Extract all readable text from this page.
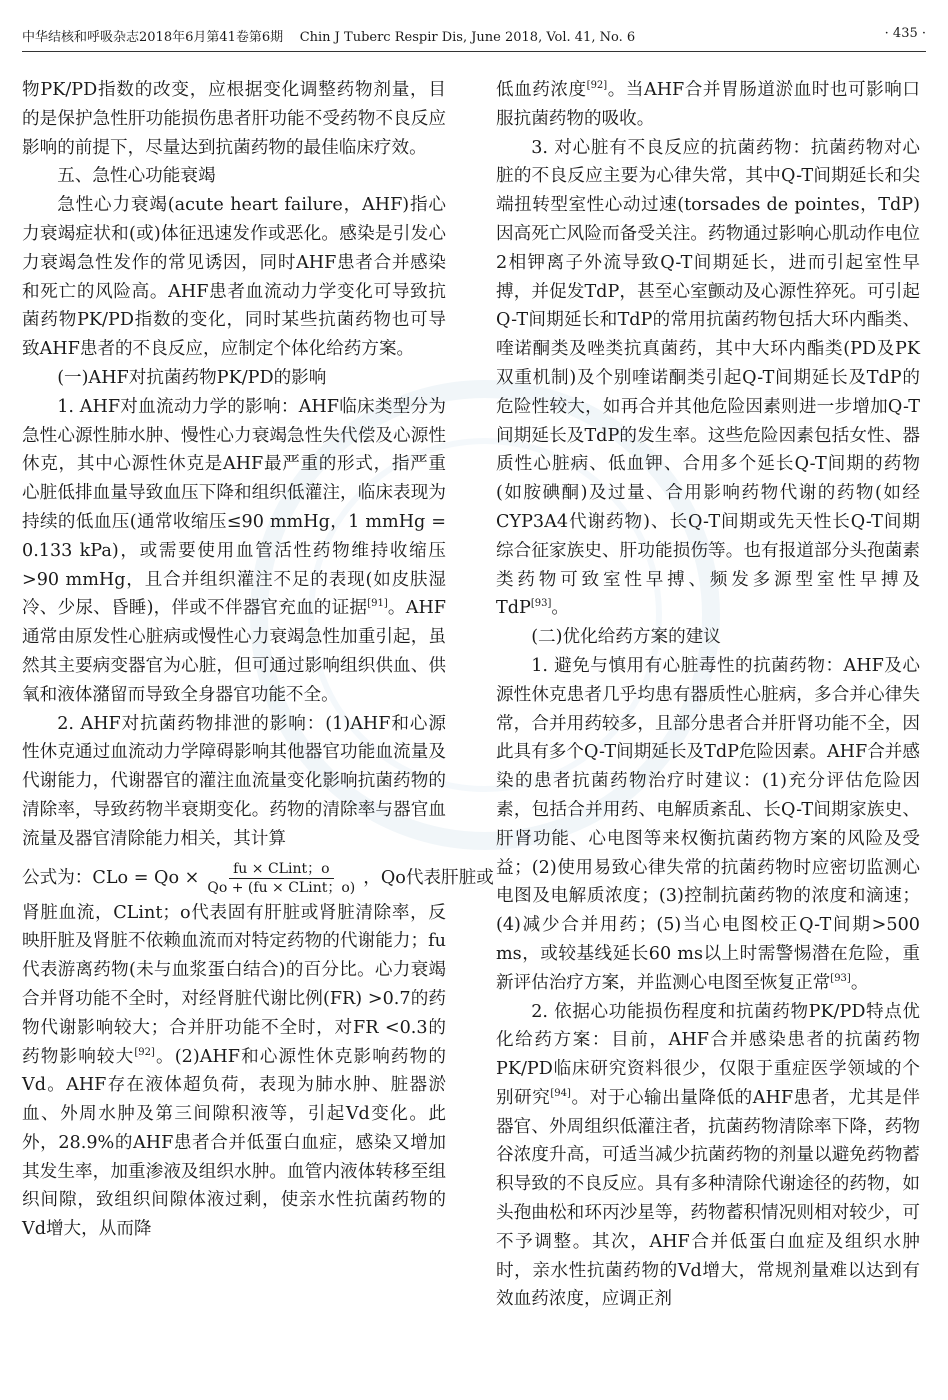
中华结核和呼吸杂志2018年6月第41卷第6期 Chin J Tuberc Respir Dis, June 2018, Vol. 41, No. 6	· 435 ·

物PK/PD指数的改变，应根据变化调整药物剂量，目的是保护急性肝功能损伤患者肝功能不受药物不良反应影响的前提下，尽量达到抗菌药物的最佳临床疗效。

五、急性心功能衰竭

急性心力衰竭(acute heart failure，AHF)指心力衰竭症状和(或)体征迅速发作或恶化。感染是引发心力衰竭急性发作的常见诱因，同时AHF患者合并感染和死亡的风险高。AHF患者血流动力学变化可导致抗菌药物PK/PD指数的变化，同时某些抗菌药物也可导致AHF患者的不良反应，应制定个体化给药方案。

(一)AHF对抗菌药物PK/PD的影响

1. AHF对血流动力学的影响：AHF临床类型分为急性心源性肺水肿、慢性心力衰竭急性失代偿及心源性休克，其中心源性休克是AHF最严重的形式，指严重心脏低排血量导致血压下降和组织低灌注，临床表现为持续的低血压(通常收缩压≤90 mmHg，1 mmHg = 0.133 kPa)，或需要使用血管活性药物维持收缩压>90 mmHg，且合并组织灌注不足的表现(如皮肤湿冷、少尿、昏睡)，伴或不伴器官充血的证据[91]。AHF通常由原发性心脏病或慢性心力衰竭急性加重引起，虽然其主要病变器官为心脏，但可通过影响组织供血、供氧和液体潴留而导致全身器官功能不全。

2. AHF对抗菌药物排泄的影响：(1)AHF和心源性休克通过血流动力学障碍影响其他器官功能血流量及代谢能力，代谢器官的灌注血流量变化影响抗菌药物的清除率，导致药物半衰期变化。药物的清除率与器官血流量及器官清除能力相关，其计算

公式为：CLo = $Qo \times \frac{\text{fu × CLint；o}}{\text{Qo + (fu × CLint；o)}}$ ，Qo代表肝脏或

肾脏血流，CLint；o代表固有肝脏或肾脏清除率，反映肝脏及肾脏不依赖血流而对特定药物的代谢能力；fu代表游离药物(未与血浆蛋白结合)的百分比。心力衰竭合并肾功能不全时，对经肾脏代谢比例(FR) >0.7的药物代谢影响较大；合并肝功能不全时，对FR <0.3的药物影响较大[92]。(2)AHF和心源性休克影响药物的Vd。AHF存在液体超负荷，表现为肺水肿、脏器淤血、外周水肿及第三间隙积液等，引起Vd变化。此外，28.9%的AHF患者合并低蛋白血症，感染又增加其发生率，加重渗液及组织水肿。血管内液体转移至组织间隙，致组织间隙体液过剩，使亲水性抗菌药物的Vd增大，从而降

低血药浓度[92]。当AHF合并胃肠道淤血时也可影响口服抗菌药物的吸收。

3. 对心脏有不良反应的抗菌药物：抗菌药物对心脏的不良反应主要为心律失常，其中Q-T间期延长和尖端扭转型室性心动过速(torsades de pointes，TdP)因高死亡风险而备受关注。药物通过影响心肌动作电位2相钾离子外流导致Q-T间期延长，进而引起室性早搏，并促发TdP，甚至心室颤动及心源性猝死。可引起Q-T间期延长和TdP的常用抗菌药物包括大环内酯类、喹诺酮类及唑类抗真菌药，其中大环内酯类(PD及PK双重机制)及个别喹诺酮类引起Q-T间期延长及TdP的危险性较大，如再合并其他危险因素则进一步增加Q-T间期延长及TdP的发生率。这些危险因素包括女性、器质性心脏病、低血钾、合用多个延长Q-T间期的药物(如胺碘酮)及过量、合用影响药物代谢的药物(如经CYP3A4代谢药物)、长Q-T间期或先天性长Q-T间期综合征家族史、肝功能损伤等。也有报道部分头孢菌素类药物可致室性早搏、频发多源型室性早搏及TdP[93]。

(二)优化给药方案的建议

1. 避免与慎用有心脏毒性的抗菌药物：AHF及心源性休克患者几乎均患有器质性心脏病，多合并心律失常，合并用药较多，且部分患者合并肝肾功能不全，因此具有多个Q-T间期延长及TdP危险因素。AHF合并感染的患者抗菌药物治疗时建议：(1)充分评估危险因素，包括合并用药、电解质紊乱、长Q-T间期家族史、肝肾功能、心电图等来权衡抗菌药物方案的风险及受益；(2)使用易致心律失常的抗菌药物时应密切监测心电图及电解质浓度；(3)控制抗菌药物的浓度和滴速；(4)减少合并用药；(5)当心电图校正Q-T间期>500 ms，或较基线延长60 ms以上时需警惕潜在危险，重新评估治疗方案，并监测心电图至恢复正常[93]。

2. 依据心功能损伤程度和抗菌药物PK/PD特点优化给药方案：目前，AHF合并感染患者的抗菌药物PK/PD临床研究资料很少，仅限于重症医学领域的个别研究[94]。对于心输出量降低的AHF患者，尤其是伴器官、外周组织低灌注者，抗菌药物清除率下降，药物谷浓度升高，可适当减少抗菌药物的剂量以避免药物蓄积导致的不良反应。具有多种清除代谢途径的药物，如头孢曲松和环丙沙星等，药物蓄积情况则相对较少，可不予调整。其次，AHF合并低蛋白血症及组织水肿时，亲水性抗菌药物的Vd增大，常规剂量难以达到有效血药浓度，应调正剂
